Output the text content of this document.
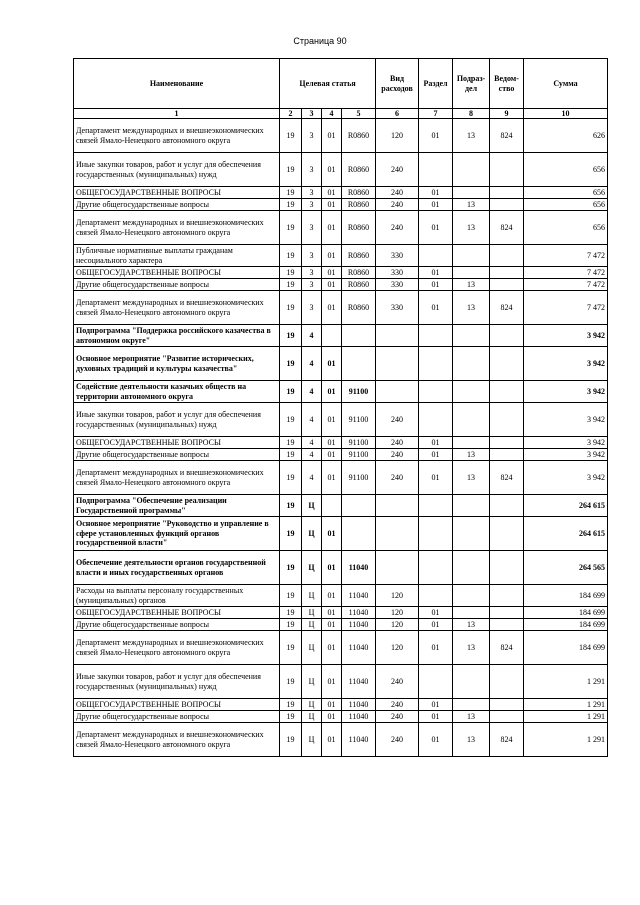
Страница 90
Наименование	Целевая статья				Вид расходов	Раздел	Подраз-дел	Ведом-ство	Сумма
1	2	3	4	5	6	7	8	9	10
Департамент международных и внешнеэкономических связей Ямало-Ненецкого автономного округа	19	3	01	R0860	120	01	13	824	626
Иные закупки товаров, работ и услуг для обеспечения государственных (муниципальных) нужд	19	3	01	R0860	240				656
ОБЩЕГОСУДАРСТВЕННЫЕ ВОПРОСЫ	19	3	01	R0860	240	01			656
Другие общегосударственные вопросы	19	3	01	R0860	240	01	13		656
Департамент международных и внешнеэкономических связей Ямало-Ненецкого автономного округа	19	3	01	R0860	240	01	13	824	656
Публичные нормативные выплаты гражданам несоциального характера	19	3	01	R0860	330				7 472
ОБЩЕГОСУДАРСТВЕННЫЕ ВОПРОСЫ	19	3	01	R0860	330	01			7 472
Другие общегосударственные вопросы	19	3	01	R0860	330	01	13		7 472
Департамент международных и внешнеэкономических связей Ямало-Ненецкого автономного округа	19	3	01	R0860	330	01	13	824	7 472
Подпрограмма "Поддержка российского казачества в автономном округе"	19	4							3 942
Основное мероприятие "Развитие исторических, духовных традиций и культуры казачества"	19	4	01						3 942
Содействие деятельности казачьих обществ на территории автономного округа	19	4	01	91100					3 942
Иные закупки товаров, работ и услуг для обеспечения государственных (муниципальных) нужд	19	4	01	91100	240				3 942
ОБЩЕГОСУДАРСТВЕННЫЕ ВОПРОСЫ	19	4	01	91100	240	01			3 942
Другие общегосударственные вопросы	19	4	01	91100	240	01	13		3 942
Департамент международных и внешнеэкономических связей Ямало-Ненецкого автономного округа	19	4	01	91100	240	01	13	824	3 942
Подпрограмма "Обеспечение реализации Государственной программы"	19	Ц							264 615
Основное мероприятие "Руководство и управление в сфере установленных функций органов государственной власти"	19	Ц	01						264 615
Обеспечение деятельности органов государственной власти и иных государственных органов	19	Ц	01	11040					264 565
Расходы на выплаты персоналу государственных (муниципальных) органов	19	Ц	01	11040	120				184 699
ОБЩЕГОСУДАРСТВЕННЫЕ ВОПРОСЫ	19	Ц	01	11040	120	01			184 699
Другие общегосударственные вопросы	19	Ц	01	11040	120	01	13		184 699
Департамент международных и внешнеэкономических связей Ямало-Ненецкого автономного округа	19	Ц	01	11040	120	01	13	824	184 699
Иные закупки товаров, работ и услуг для обеспечения государственных (муниципальных) нужд	19	Ц	01	11040	240				1 291
ОБЩЕГОСУДАРСТВЕННЫЕ ВОПРОСЫ	19	Ц	01	11040	240	01			1 291
Другие общегосударственные вопросы	19	Ц	01	11040	240	01	13		1 291
Департамент международных и внешнеэкономических связей Ямало-Ненецкого автономного округа	19	Ц	01	11040	240	01	13	824	1 291
